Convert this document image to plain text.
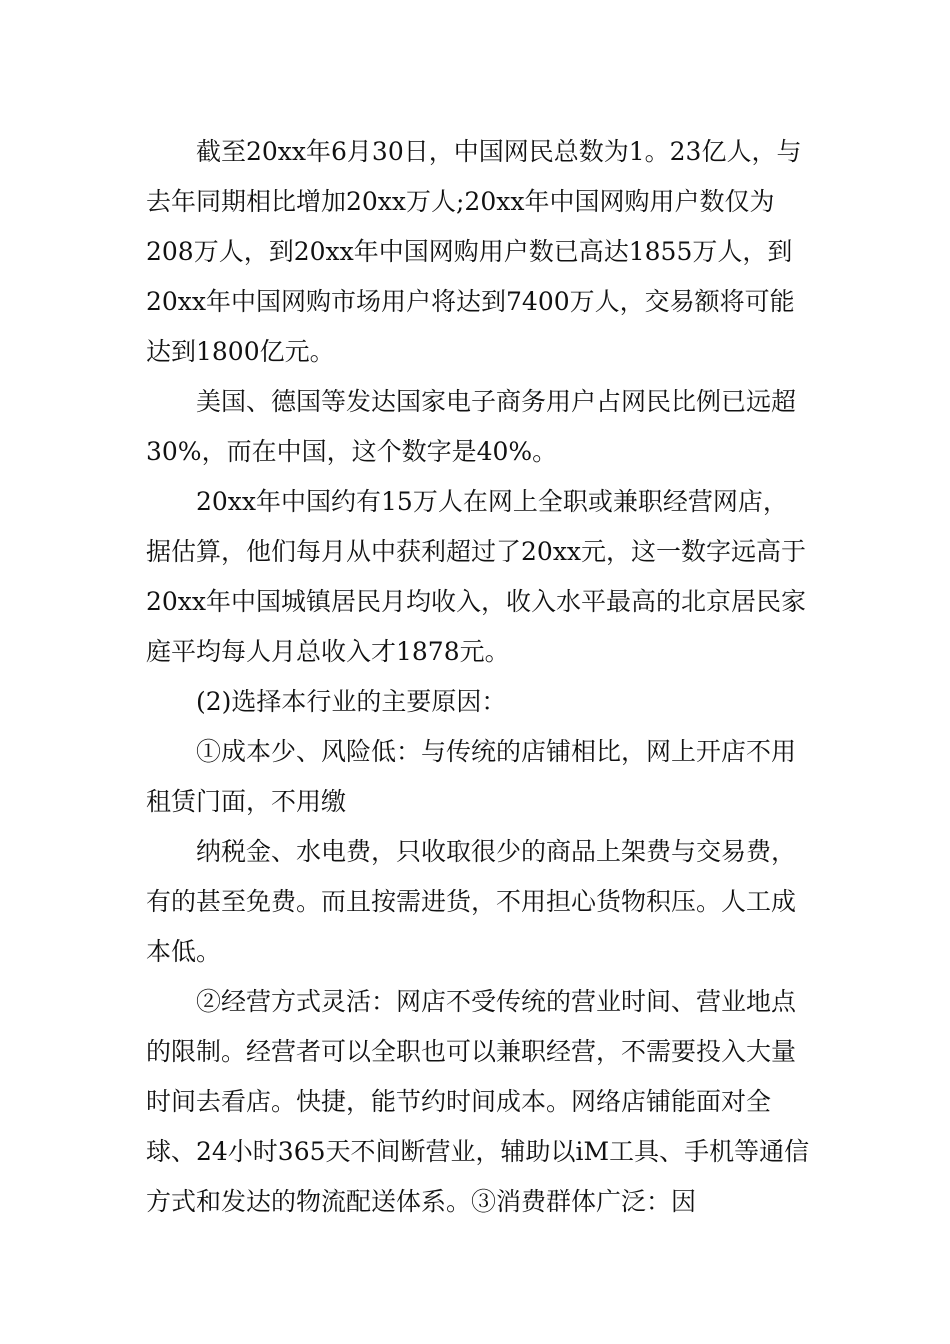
截至20xx年6月30日，中国网民总数为1。23亿人，与去年同期相比增加20xx万人;20xx年中国网购用户数仅为208万人，到20xx年中国网购用户数已高达1855万人，到20xx年中国网购市场用户将达到7400万人，交易额将可能达到1800亿元。

美国、德国等发达国家电子商务用户占网民比例已远超30%，而在中国，这个数字是40%。

20xx年中国约有15万人在网上全职或兼职经营网店，据估算，他们每月从中获利超过了20xx元，这一数字远高于20xx年中国城镇居民月均收入，收入水平最高的北京居民家庭平均每人月总收入才1878元。

(2)选择本行业的主要原因：

①成本少、风险低：与传统的店铺相比，网上开店不用租赁门面，不用缴

纳税金、水电费，只收取很少的商品上架费与交易费，有的甚至免费。而且按需进货，不用担心货物积压。人工成本低。

②经营方式灵活：网店不受传统的营业时间、营业地点的限制。经营者可以全职也可以兼职经营，不需要投入大量时间去看店。快捷，能节约时间成本。网络店铺能面对全球、24小时365天不间断营业，辅助以iM工具、手机等通信方式和发达的物流配送体系。③消费群体广泛：因
